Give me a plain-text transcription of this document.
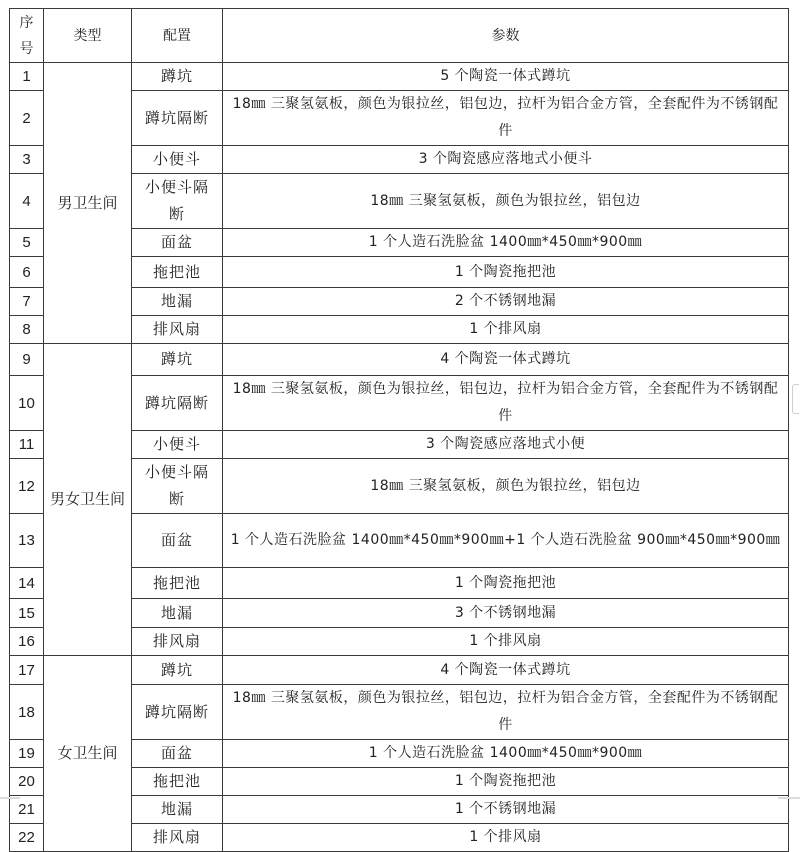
序
号	类型	配置	参数
1	男卫生间	蹲坑	5 个陶瓷一体式蹲坑
2		蹲坑隔断	18㎜ 三聚氢氨板，颜色为银拉丝，铝包边，拉杆为铝合金方管，全套配件为不锈钢配件
3		小便斗	3 个陶瓷感应落地式小便斗
4		小便斗隔断	18㎜ 三聚氢氨板，颜色为银拉丝，铝包边
5		面盆	1 个人造石洗脸盆 1400㎜*450㎜*900㎜
6		拖把池	1 个陶瓷拖把池
7		地漏	2 个不锈钢地漏
8		排风扇	1 个排风扇
9	男女卫生间	蹲坑	4 个陶瓷一体式蹲坑
10		蹲坑隔断	18㎜ 三聚氢氨板，颜色为银拉丝，铝包边，拉杆为铝合金方管，全套配件为不锈钢配件
11		小便斗	3 个陶瓷感应落地式小便
12		小便斗隔断	18㎜ 三聚氢氨板，颜色为银拉丝，铝包边
13		面盆	1 个人造石洗脸盆 1400㎜*450㎜*900㎜+1 个人造石洗脸盆 900㎜*450㎜*900㎜
14		拖把池	1 个陶瓷拖把池
15		地漏	3 个不锈钢地漏
16		排风扇	1 个排风扇
17	女卫生间	蹲坑	4 个陶瓷一体式蹲坑
18		蹲坑隔断	18㎜ 三聚氢氨板，颜色为银拉丝，铝包边，拉杆为铝合金方管，全套配件为不锈钢配件
19		面盆	1 个人造石洗脸盆 1400㎜*450㎜*900㎜
20		拖把池	1 个陶瓷拖把池
21		地漏	1 个不锈钢地漏
22		排风扇	1 个排风扇
